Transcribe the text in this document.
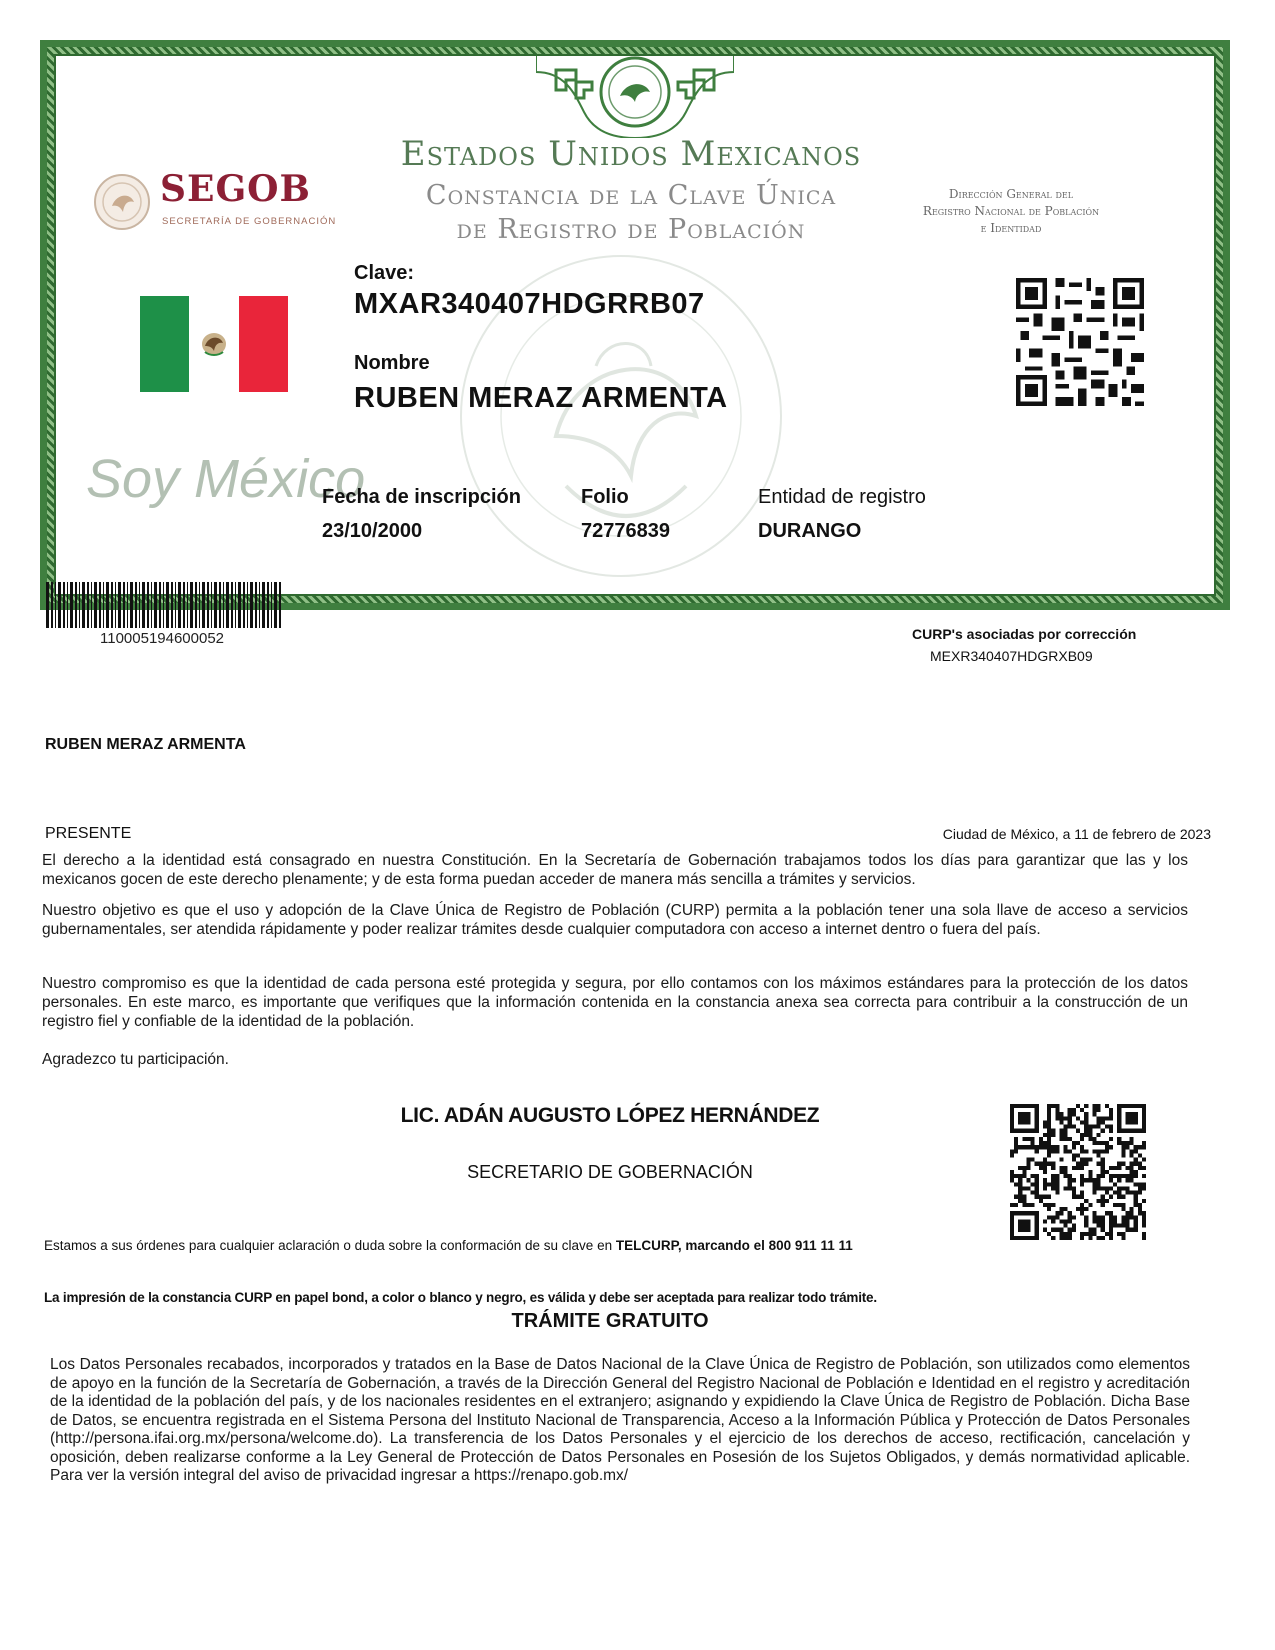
SEGOB
SECRETARÍA DE GOBERNACIÓN
Estados Unidos Mexicanos
Constancia de la Clave Única
de Registro de Población
Dirección General del
Registro Nacional de Población
e Identidad
Soy México
Clave:
MXAR340407HDGRRB07
Nombre
RUBEN MERAZ ARMENTA
Fecha de inscripción
23/10/2000
Folio
72776839
Entidad de registro
DURANGO
110005194600052	CURP's asociadas por corrección
MEXR340407HDGRXB09
RUBEN MERAZ ARMENTA
PRESENTE	Ciudad de México, a 11 de febrero de 2023
El derecho a la identidad está consagrado en nuestra Constitución. En la Secretaría de Gobernación trabajamos todos los días para garantizar que las y los mexicanos gocen de este derecho plenamente; y de esta forma puedan acceder de manera más sencilla a trámites y servicios.
Nuestro objetivo es que el uso y adopción de la Clave Única de Registro de Población (CURP) permita a la población tener una sola llave de acceso a servicios gubernamentales, ser atendida rápidamente y poder realizar trámites desde cualquier computadora con acceso a internet dentro o fuera del país.
Nuestro compromiso es que la identidad de cada persona esté protegida y segura, por ello contamos con los máximos estándares para la protección de los datos personales. En este marco, es importante que verifiques que la información contenida en la constancia anexa sea correcta para contribuir a la construcción de un registro fiel y confiable de la identidad de la población.
Agradezco tu participación.
LIC. ADÁN AUGUSTO LÓPEZ HERNÁNDEZ
SECRETARIO DE GOBERNACIÓN
Estamos a sus órdenes para cualquier aclaración o duda sobre la conformación de su clave en TELCURP, marcando el 800 911 11 11
La impresión de la constancia CURP en papel bond, a color o blanco y negro, es válida y debe ser aceptada para realizar todo trámite.
TRÁMITE GRATUITO
Los Datos Personales recabados, incorporados y tratados en la Base de Datos Nacional de la Clave Única de Registro de Población, son utilizados como elementos de apoyo en la función de la Secretaría de Gobernación, a través de la Dirección General del Registro Nacional de Población e Identidad en el registro y acreditación de la identidad de la población del país, y de los nacionales residentes en el extranjero; asignando y expidiendo la Clave Única de Registro de Población. Dicha Base de Datos, se encuentra registrada en el Sistema Persona del Instituto Nacional de Transparencia, Acceso a la Información Pública y Protección de Datos Personales (http://persona.ifai.org.mx/persona/welcome.do). La transferencia de los Datos Personales y el ejercicio de los derechos de acceso, rectificación, cancelación y oposición, deben realizarse conforme a la Ley General de Protección de Datos Personales en Posesión de los Sujetos Obligados, y demás normatividad aplicable. Para ver la versión integral del aviso de privacidad ingresar a https://renapo.gob.mx/
